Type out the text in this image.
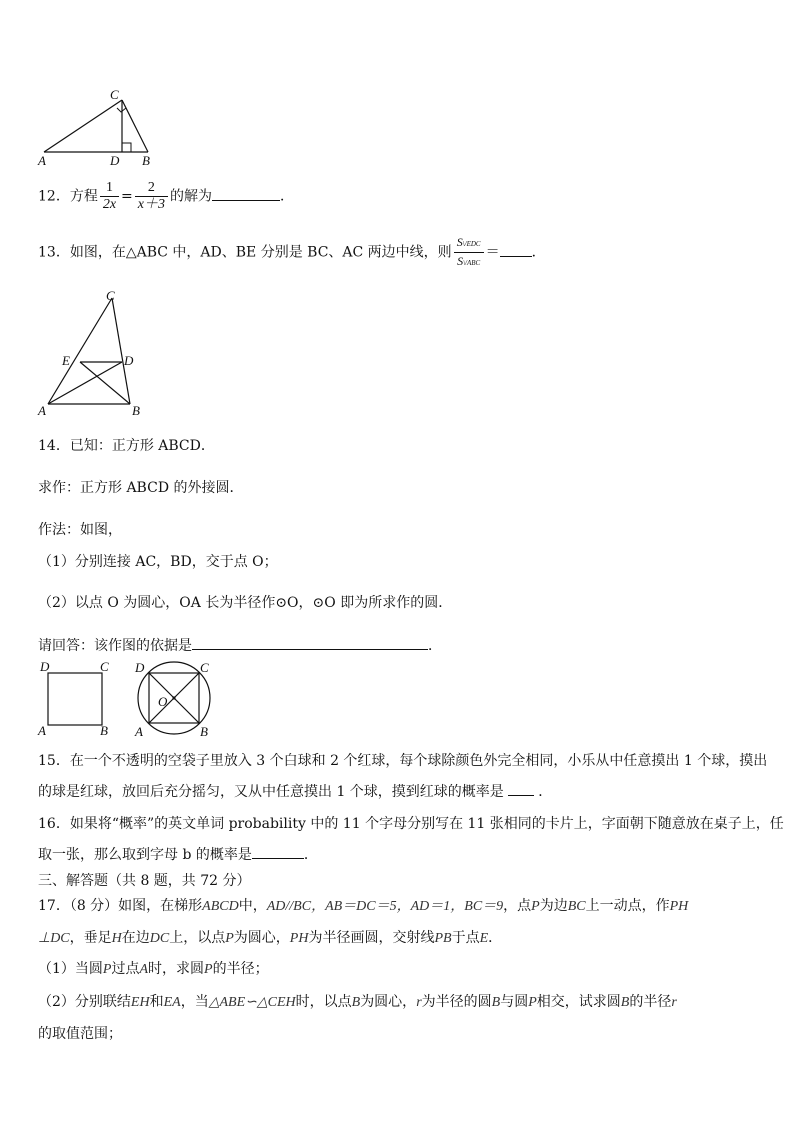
C
A	D B
12．方程 $\frac{1}{2x} = \frac{2}{x+3}$ 的解为	．
13．如图，在△ABC 中，AD、BE 分别是 BC、AC 两边中线，则 $\frac{\text{S\textbackslash{}/EDC}}{\text{S\textbackslash{}/ABC}}$ ＝ ．
C
E	D
A	B
14．已知：正方形 ABCD．
求作：正方形 ABCD 的外接圆．
作法：如图，
（1）分别连接 AC，BD，交于点 O；
（2）以点 O 为圆心，OA 长为半径作⊙O，⊙O 即为所求作的圆．
请回答：该作图的依据是	．
D	C
A	B
D	C
O
A	B
15．在一个不透明的空袋子里放入 3 个白球和 2 个红球，每个球除颜色外完全相同，小乐从中任意摸出 1 个球，摸出
的球是红球，放回后充分摇匀，又从中任意摸出 1 个球，摸到红球的概率是 ．
16．如果将“概率”的英文单词 probability 中的 11 个字母分别写在 11 张相同的卡片上，字面朝下随意放在桌子上，任
取一张，那么取到字母 b 的概率是	．
三、解答题（共 8 题，共 72 分）
17．（8 分）如图，在梯形ABCD中，AD//BC，AB＝DC＝5，AD＝1，BC＝9，点P为边BC上一动点，作PH
⊥DC，垂足H在边DC上，以点P为圆心，PH为半径画圆，交射线PB于点E．
（1）当圆P过点A时，求圆P的半径；
（2）分别联结EH和EA，当△ABE∽△CEH时，以点B为圆心，r为半径的圆B与圆P相交，试求圆B的半径r
的取值范围；
